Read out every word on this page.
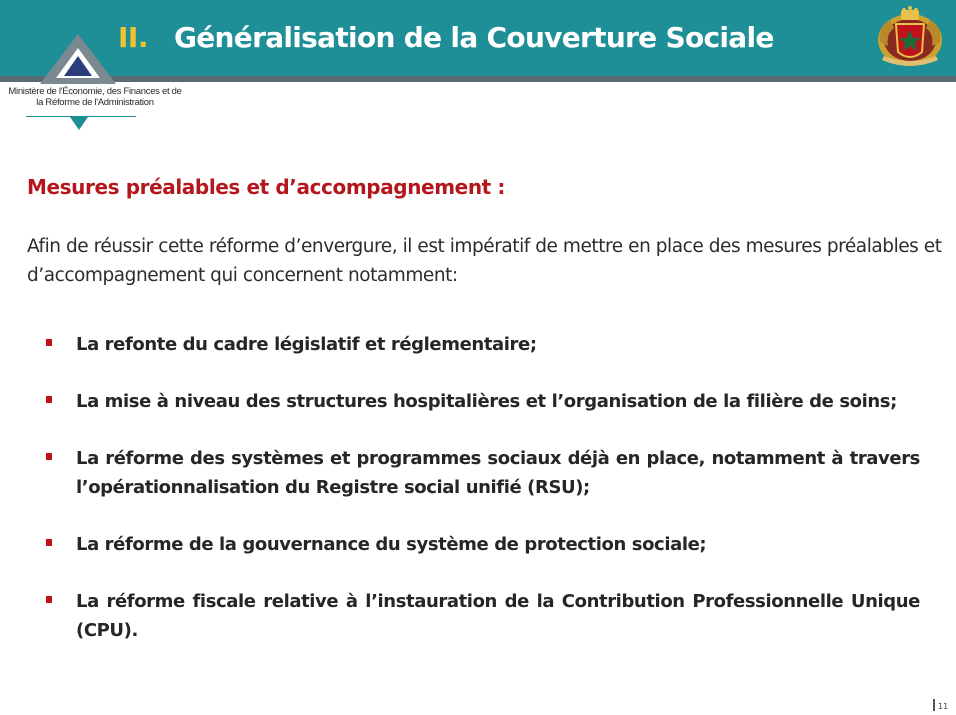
II. Généralisation de la Couverture Sociale
Ministère de l'Économie, des Finances et de
la Réforme de l'Administration
Mesures préalables et d’accompagnement :
Afin de réussir cette réforme d’envergure, il est impératif de mettre en place des mesures préalables et d’accompagnement qui concernent notamment:
La refonte du cadre législatif et réglementaire;
La mise à niveau des structures hospitalières et l’organisation de la filière de soins;
La réforme des systèmes et programmes sociaux déjà en place, notamment à travers l’opérationnalisation du Registre social unifié (RSU);
La réforme de la gouvernance du système de protection sociale;
La réforme fiscale relative à l’instauration de la Contribution Professionnelle Unique (CPU).
11
